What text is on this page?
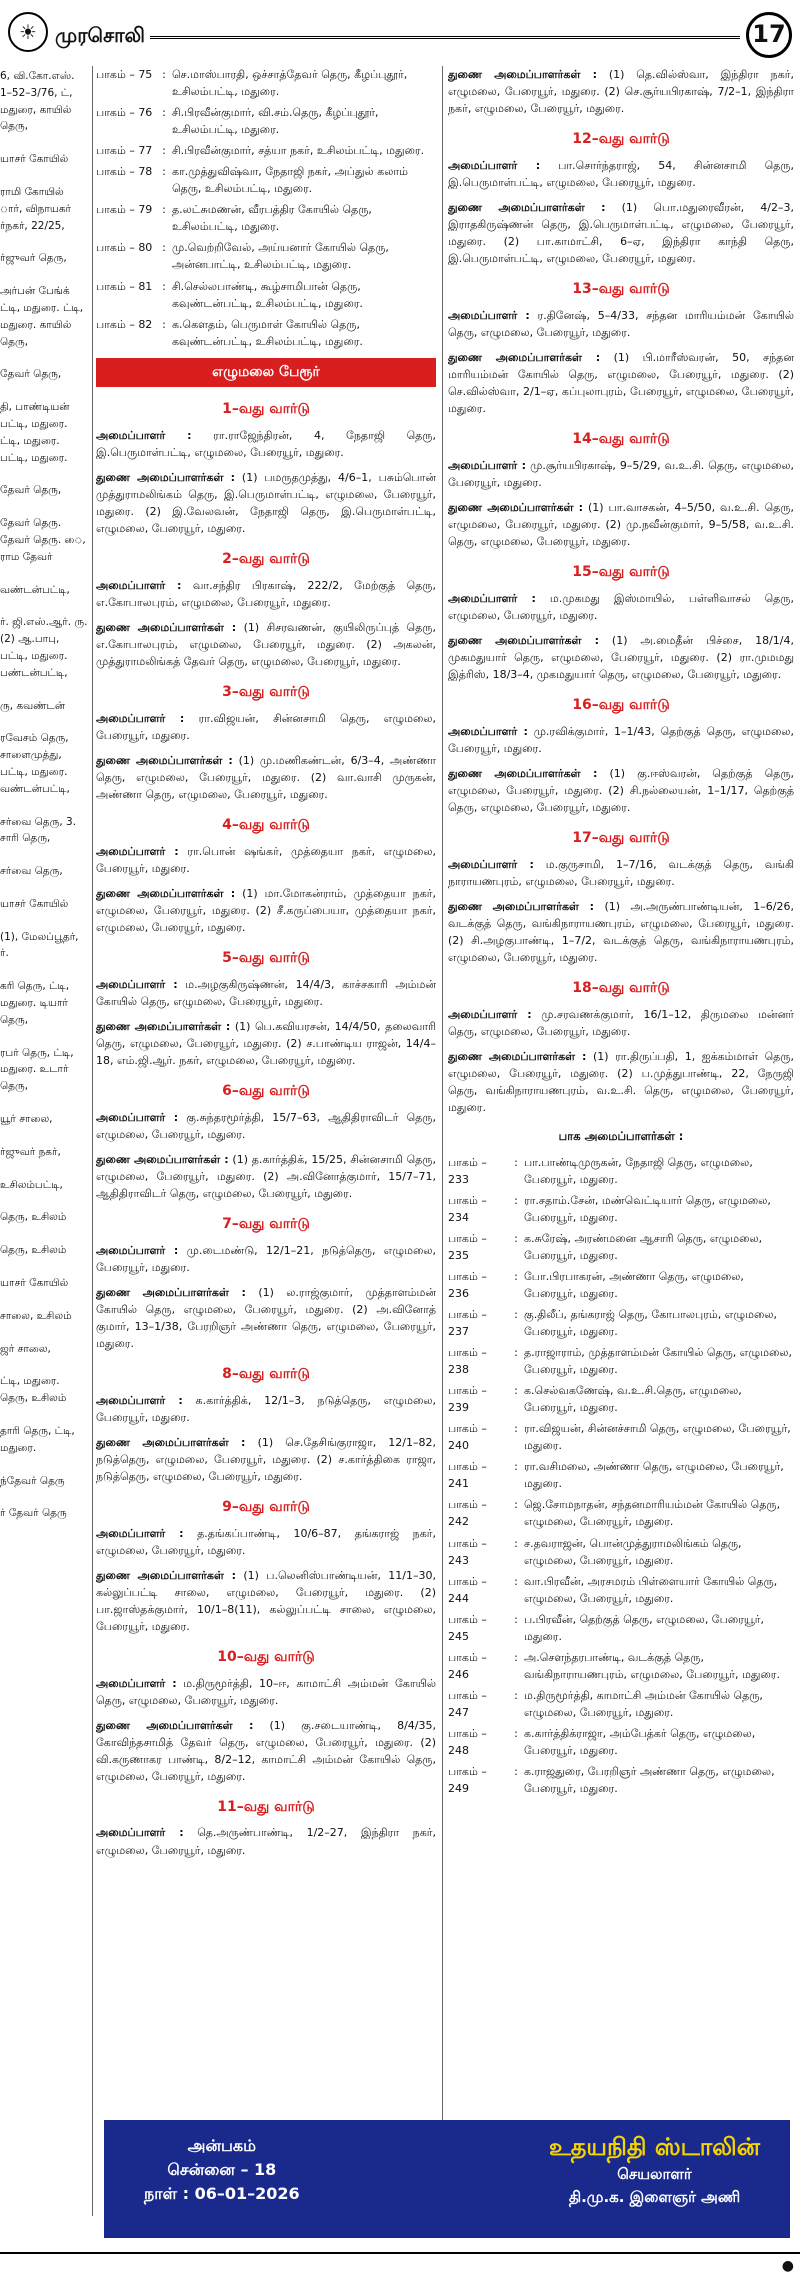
☀ முரசொலி	17

6, வி.கோ.எஸ். 1–52–3/76, ட், மதுரை, காயில் தெரு,

யாசர் கோயில்

ராமி கோயில் ார், விநாயகர் ர்நகர், 22/25,

ர்ஜுவர் தெரு,

அர்பன் பேங்க் ட்டி, மதுரை. ட்டி, மதுரை. காயில் தெரு,

தேவர் தெரு,

தி, பாண்டியன் பட்டி, மதுரை. ட்டி, மதுரை. பட்டி, மதுரை.

தேவர் தெரு,

தேவர் தெரு. தேவர் தெரு. ை, ராம தேவர்

வண்டன்பட்டி,

ர். ஜி.எஸ்.ஆர். ரு. (2) ஆ.பாபு, பட்டி, மதுரை. பண்டன்பட்டி,

ரு, கவண்டன்

ரவேசம் தெரு, சாளைமுத்து, பட்டி, மதுரை. வண்டன்பட்டி,

சர்வை தெரு, 3. சாரி தெரு,

சர்வை தெரு,

யாசர் கோயில்

(1), மேலப்பூதர், ர்.

கரி தெரு, ட்டி, மதுரை. டியார் தெரு,

ரபர் தெரு, ட்டி, மதுரை. உடார் தெரு,

யூர் சாலை,

ர்ஜுவர் நகர்,

உசிலம்பட்டி,

தெரு, உசிலம்

தெரு, உசிலம்

யாசர் கோயில்

சாலை, உசிலம்

ஜர் சாலை,

ட்டி, மதுரை. தெரு, உசிலம்

தாரி தெரு, ட்டி, மதுரை.

ந்தேவர் தெரு

ர் தேவர் தெரு

பாகம் – 75 : செ.மாஸ்பாரதி, ஒச்சாத்தேவர் தெரு, கீழப்புதூர், உசிலம்பட்டி, மதுரை.
பாகம் – 76 : சி.பிரவீன்குமார், வி.சம்.தெரு, கீழப்புதூர், உசிலம்பட்டி, மதுரை.
பாகம் – 77 : சி.பிரவீன்குமார், சத்யா நகர், உசிலம்பட்டி, மதுரை.
பாகம் – 78 : கா.முத்துவிஷ்வா, நேதாஜி நகர், அப்துல் கலாம் தெரு, உசிலம்பட்டி, மதுரை.
பாகம் – 79 : த.லட்சுமணன், வீரபத்திர கோயில் தெரு, உசிலம்பட்டி, மதுரை.
பாகம் – 80 : மு.வெற்றிவேல், அய்யனார் கோயில் தெரு, அன்னபாட்டி, உசிலம்பட்டி, மதுரை.
பாகம் – 81 : சி.செல்லபாண்டி, கூழ்சாமிபான் தெரு, கவுண்டன்பட்டி, உசிலம்பட்டி, மதுரை.
பாகம் – 82 : க.கௌதம், பெருமாள் கோயில் தெரு, கவுண்டன்பட்டி, உசிலம்பட்டி, மதுரை.
எழுமலை பேரூர்
1–வது வார்டு
அமைப்பாளர் : ரா.ராஜேந்திரன், 4, நேதாஜி தெரு, இ.பெருமாள்பட்டி, எழுமலை, பேரையூர், மதுரை.
துணை அமைப்பாளர்கள் : (1) பமருதமுத்து, 4/6–1, பசும்பொன் முத்துராமலிங்கம் தெரு, இ.பெருமாள்பட்டி, எழுமலை, பேரையூர், மதுரை. (2) இ.வேலவன், நேதாஜி தெரு, இ.பெருமாள்பட்டி, எழுமலை, பேரையூர், மதுரை.
2–வது வார்டு
அமைப்பாளர் : வா.சந்திர பிரகாஷ், 222/2, மேற்குத் தெரு, எ.கோபாலபுரம், எழுமலை, பேரையூர், மதுரை.
துணை அமைப்பாளர்கள் : (1) சிசரவணன், குயிலிருப்புத் தெரு, எ.கோபாலபுரம், எழுமலை, பேரையூர், மதுரை. (2) அகலன், முத்துராமலிங்கத் தேவர் தெரு, எழுமலை, பேரையூர், மதுரை.
3–வது வார்டு
அமைப்பாளர் : ரா.விஜயன், சின்னசாமி தெரு, எழுமலை, பேரையூர், மதுரை.
துணை அமைப்பாளர்கள் : (1) மு.மணிகண்டன், 6/3–4, அண்ணா தெரு, எழுமலை, பேரையூர், மதுரை. (2) வா.வாசி முருகன், அண்ணா தெரு, எழுமலை, பேரையூர், மதுரை.
4–வது வார்டு
அமைப்பாளர் : ரா.பொன் ஷங்கர், முத்தையா நகர், எழுமலை, பேரையூர், மதுரை.
துணை அமைப்பாளர்கள் : (1) மா.மோகன்ராம், முத்தையா நகர், எழுமலை, பேரையூர், மதுரை. (2) சீ.கருப்பையா, முத்தையா நகர், எழுமலை, பேரையூர், மதுரை.
5–வது வார்டு
அமைப்பாளர் : ம.அழகுகிருஷ்ணன், 14/4/3, காச்சகாரி அம்மன் கோயில் தெரு, எழுமலை, பேரையூர், மதுரை.
துணை அமைப்பாளர்கள் : (1) பெ.கவியரசன், 14/4/50, தலைவாரி தெரு, எழுமலை, பேரையூர், மதுரை. (2) ச.பாண்டிய ராஜன், 14/4–18, எம்.ஜி.ஆர். நகர், எழுமலை, பேரையூர், மதுரை.
6–வது வார்டு
அமைப்பாளர் : கு.சுந்தரமூர்த்தி, 15/7–63, ஆதிதிராவிடர் தெரு, எழுமலை, பேரையூர், மதுரை.
துணை அமைப்பாளர்கள் : (1) த.கார்த்திக், 15/25, சின்னசாமி தெரு, எழுமலை, பேரையூர், மதுரை. (2) அ.வினோத்குமார், 15/7–71, ஆதிதிராவிடர் தெரு, எழுமலை, பேரையூர், மதுரை.
7–வது வார்டு
அமைப்பாளர் : மு.டைமண்டு, 12/1–21, நடுத்தெரு, எழுமலை, பேரையூர், மதுரை.
துணை அமைப்பாளர்கள் : (1) ல.ராஜ்குமார், முத்தாளம்மன் கோயில் தெரு, எழுமலை, பேரையூர், மதுரை. (2) அ.வினோத் குமார், 13–1/38, பேரறிஞர் அண்ணா தெரு, எழுமலை, பேரையூர், மதுரை.
8–வது வார்டு
அமைப்பாளர் : க.கார்த்திக், 12/1–3, நடுத்தெரு, எழுமலை, பேரையூர், மதுரை.
துணை அமைப்பாளர்கள் : (1) செ.தேசிங்குராஜா, 12/1–82, நடுத்தெரு, எழுமலை, பேரையூர், மதுரை. (2) ச.கார்த்திகை ராஜா, நடுத்தெரு, எழுமலை, பேரையூர், மதுரை.
9–வது வார்டு
அமைப்பாளர் : த.தங்கப்பாண்டி, 10/6–87, தங்கராஜ் நகர், எழுமலை, பேரையூர், மதுரை.
துணை அமைப்பாளர்கள் : (1) ப.லெனிஸ்பாண்டியன், 11/1–30, கல்லுப்பட்டி சாலை, எழுமலை, பேரையூர், மதுரை. (2) பா.ஜாஸ்தக்குமார், 10/1–8(11), கல்லுப்பட்டி சாலை, எழுமலை, பேரையூர், மதுரை.
10–வது வார்டு
அமைப்பாளர் : ம.திருமூர்த்தி, 10–ஈ, காமாட்சி அம்மன் கோயில் தெரு, எழுமலை, பேரையூர், மதுரை.
துணை அமைப்பாளர்கள் : (1) கு.சடையாண்டி, 8/4/35, கோவிந்தசாமித் தேவர் தெரு, எழுமலை, பேரையூர், மதுரை. (2) வி.கருணாகர பாண்டி, 8/2–12, காமாட்சி அம்மன் கோயில் தெரு, எழுமலை, பேரையூர், மதுரை.
11–வது வார்டு
அமைப்பாளர் : தெ.அருண்பாண்டி, 1/2–27, இந்திரா நகர், எழுமலை, பேரையூர், மதுரை.
துணை அமைப்பாளர்கள் : (1) தெ.வில்ஸ்வா, இந்திரா நகர், எழுமலை, பேரையூர், மதுரை. (2) செ.சூர்யபிரகாஷ், 7/2–1, இந்திரா நகர், எழுமலை, பேரையூர், மதுரை.
12–வது வார்டு
அமைப்பாளர் : பா.சொர்ந்தராஜ், 54, சின்னசாமி தெரு, இ.பெருமாள்பட்டி, எழுமலை, பேரையூர், மதுரை.
துணை அமைப்பாளர்கள் : (1) பொ.மதுரைவீரன், 4/2–3, இராதகிருஷ்ணன் தெரு, இ.பெருமாள்பட்டி, எழுமலை, பேரையூர், மதுரை. (2) பா.காமாட்சி, 6–ஏ, இந்திரா காந்தி தெரு, இ.பெருமாள்பட்டி, எழுமலை, பேரையூர், மதுரை.
13–வது வார்டு
அமைப்பாளர் : ர.தினேஷ், 5–4/33, சந்தன மாரியம்மன் கோயில் தெரு, எழுமலை, பேரையூர், மதுரை.
துணை அமைப்பாளர்கள் : (1) பி.மாரீஸ்வரன், 50, சந்தன மாரியம்மன் கோயில் தெரு, எழுமலை, பேரையூர், மதுரை. (2) செ.வில்ஸ்வா, 2/1–ஏ, கப்புலாபுரம், பேரையூர், எழுமலை, பேரையூர், மதுரை.
14–வது வார்டு
அமைப்பாளர் : மு.சூர்யபிரகாஷ், 9–5/29, வ.உ.சி. தெரு, எழுமலை, பேரையூர், மதுரை.
துணை அமைப்பாளர்கள் : (1) பா.வாசகன், 4–5/50, வ.உ.சி. தெரு, எழுமலை, பேரையூர், மதுரை. (2) மு.நவீன்குமார், 9–5/58, வ.உ.சி. தெரு, எழுமலை, பேரையூர், மதுரை.
15–வது வார்டு
அமைப்பாளர் : ம.முகமது இஸ்மாயில், பள்ளிவாசல் தெரு, எழுமலை, பேரையூர், மதுரை.
துணை அமைப்பாளர்கள் : (1) அ.மைதீன் பிச்சை, 18/1/4, முகமதுயார் தெரு, எழுமலை, பேரையூர், மதுரை. (2) ரா.முமமது இத்ரிஸ், 18/3–4, முகமதுயார் தெரு, எழுமலை, பேரையூர், மதுரை.
16–வது வார்டு
அமைப்பாளர் : மு.ரவிக்குமார், 1–1/43, தெற்குத் தெரு, எழுமலை, பேரையூர், மதுரை.
துணை அமைப்பாளர்கள் : (1) கு.ஈஸ்வரன், தெற்குத் தெரு, எழுமலை, பேரையூர், மதுரை. (2) சி.நல்லையன், 1–1/17, தெற்குத் தெரு, எழுமலை, பேரையூர், மதுரை.
17–வது வார்டு
அமைப்பாளர் : ம.குருசாமி, 1–7/16, வடக்குத் தெரு, வங்கி நாராயணபுரம், எழுமலை, பேரையூர், மதுரை.
துணை அமைப்பாளர்கள் : (1) அ.அருண்பாண்டியன், 1–6/26, வடக்குத் தெரு, வங்கிநாராயணபுரம், எழுமலை, பேரையூர், மதுரை. (2) சி.அழகுபாண்டி, 1–7/2, வடக்குத் தெரு, வங்கிநாராயணபுரம், எழுமலை, பேரையூர், மதுரை.
18–வது வார்டு
அமைப்பாளர் : மு.சரவணக்குமார், 16/1–12, திருமலை மன்னர் தெரு, எழுமலை, பேரையூர், மதுரை.
துணை அமைப்பாளர்கள் : (1) ரா.திருப்பதி, 1, ஐக்கம்மாள் தெரு, எழுமலை, பேரையூர், மதுரை. (2) ப.முத்துபாண்டி, 22, நேருஜி தெரு, வங்கிநாராயணபுரம், வ.உ.சி. தெரு, எழுமலை, பேரையூர், மதுரை.
பாக அமைப்பாளர்கள் :
பாகம் – 233
: பா.பாண்டிமுருகன், நேதாஜி தெரு, எழுமலை, பேரையூர், மதுரை.
பாகம் – 234
: ரா.சதாம்.சேன், மண்வெட்டியார் தெரு, எழுமலை, பேரையூர், மதுரை.
பாகம் – 235
: க.சுரேஷ், அரண்மனை ஆசாரி தெரு, எழுமலை, பேரையூர், மதுரை.
பாகம் – 236
: போ.பிரபாகரன், அண்ணா தெரு, எழுமலை, பேரையூர், மதுரை.
பாகம் – 237
: கு.திலீப், தங்கராஜ் தெரு, கோபாலபுரம், எழுமலை, பேரையூர், மதுரை.
பாகம் – 238
: த.ராஜாராம், முத்தாளம்மன் கோயில் தெரு, எழுமலை, பேரையூர், மதுரை.
பாகம் – 239
: க.செல்வகணேஷ், வ.உ.சி.தெரு, எழுமலை, பேரையூர், மதுரை.
பாகம் – 240
: ரா.விஜயன், சின்னச்சாமி தெரு, எழுமலை, பேரையூர், மதுரை.
பாகம் – 241
: ரா.வசிமலை, அண்ணா தெரு, எழுமலை, பேரையூர், மதுரை.
பாகம் – 242
: ஜெ.சோமநாதன், சந்தனமாரியம்மன் கோயில் தெரு, எழுமலை, பேரையூர், மதுரை.
பாகம் – 243
: ச.தவராஜன், பொன்முத்துராமலிங்கம் தெரு, எழுமலை, பேரையூர், மதுரை.
பாகம் – 244
: வா.பிரவீன், அரசமரம் பிள்ளையார் கோயில் தெரு, எழுமலை, பேரையூர், மதுரை.
பாகம் – 245
: ப.பிரவீன், தெற்குத் தெரு, எழுமலை, பேரையூர், மதுரை.
பாகம் – 246
: அ.சௌந்தரபாண்டி, வடக்குத் தெரு, வங்கிநாராயணபுரம், எழுமலை, பேரையூர், மதுரை.
பாகம் – 247
: ம.திருமூர்த்தி, காமாட்சி அம்மன் கோயில் தெரு, எழுமலை, பேரையூர், மதுரை.
பாகம் – 248
: க.கார்த்திக்ராஜா, அம்பேத்கர் தெரு, எழுமலை, பேரையூர், மதுரை.
பாகம் – 249
: க.ராஜதுரை, பேரறிஞர் அண்ணா தெரு, எழுமலை, பேரையூர், மதுரை.
அன்பகம்
சென்னை – 18
நாள் : 06–01–2026
உதயநிதி ஸ்டாலின்
செயலாளர்
தி.மு.க. இளைஞர் அணி
●
